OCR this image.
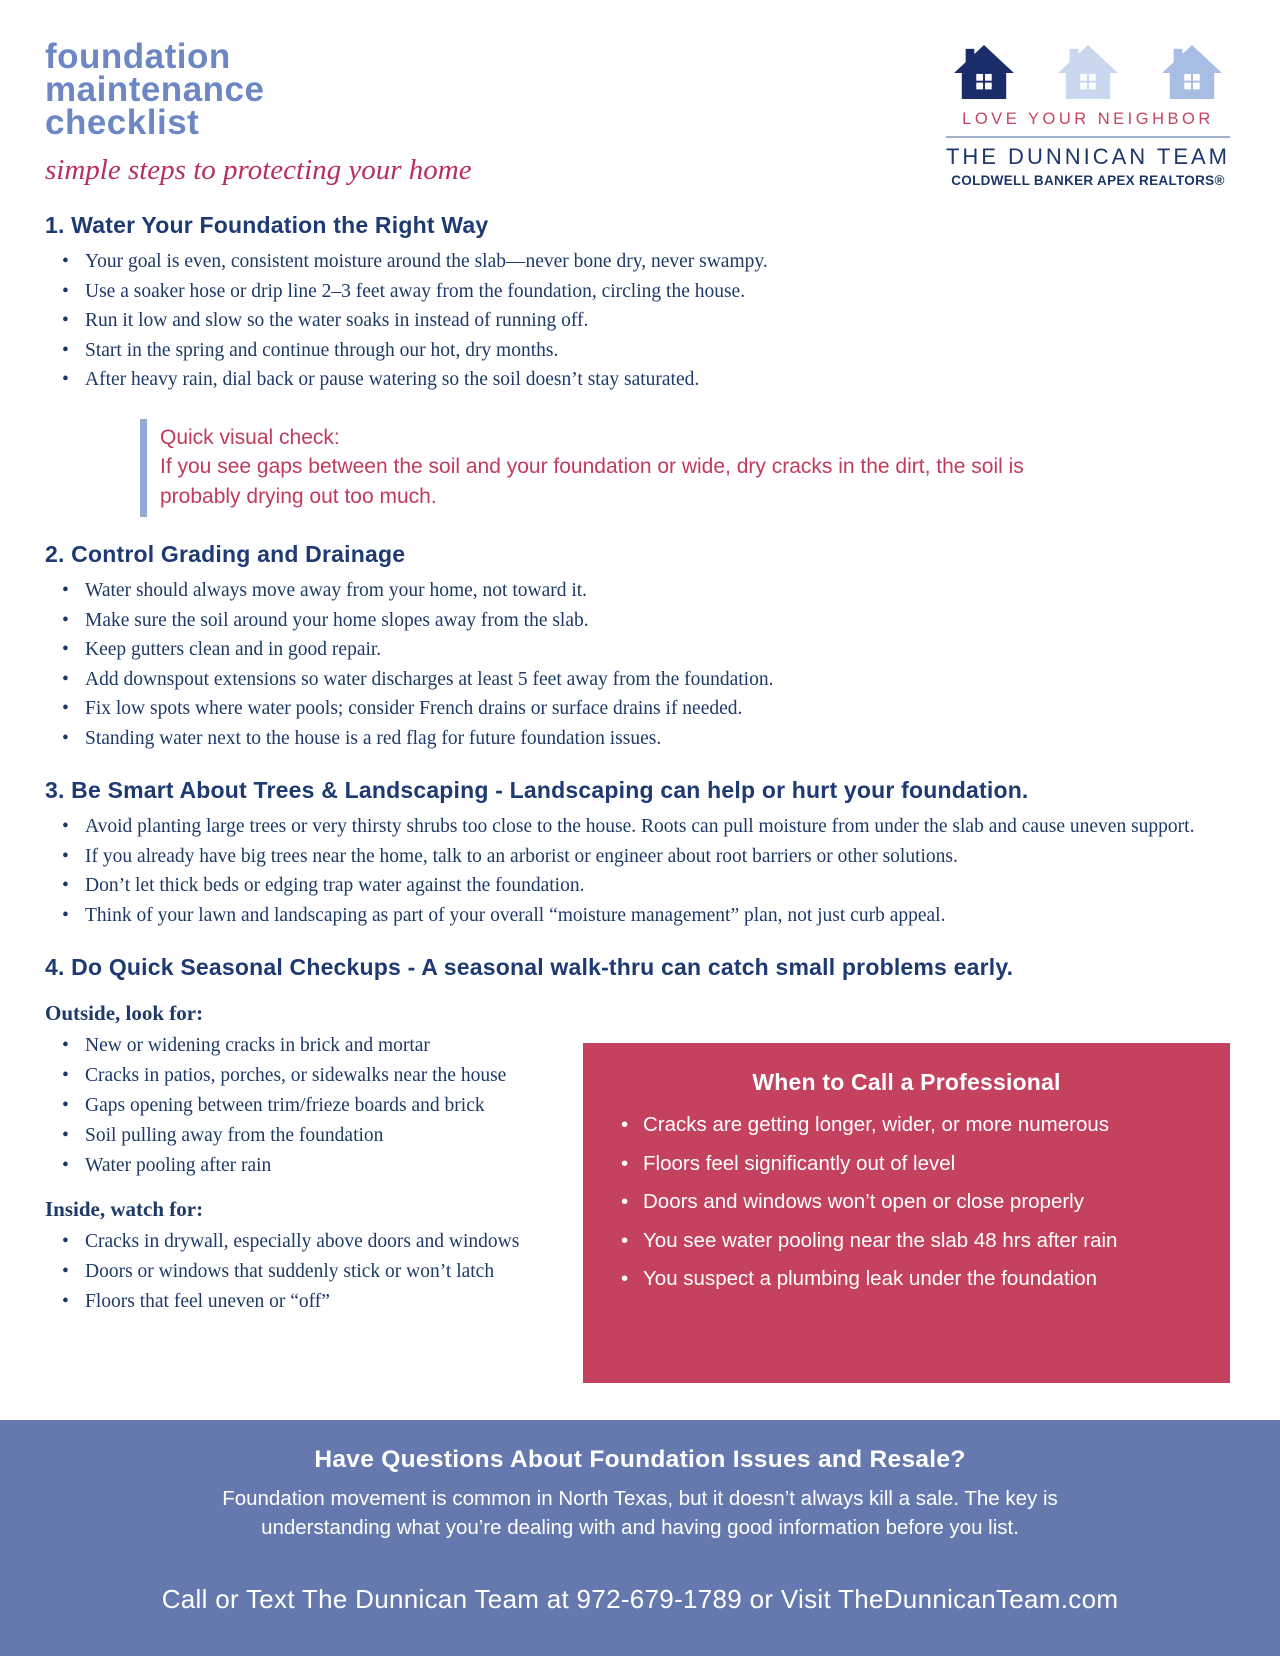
foundation
maintenance
checklist
simple steps to protecting your home
LOVE YOUR NEIGHBOR
THE DUNNICAN TEAM
COLDWELL BANKER APEX REALTORS®
1. Water Your Foundation the Right Way
• Your goal is even, consistent moisture around the slab—never bone dry, never swampy.
• Use a soaker hose or drip line 2–3 feet away from the foundation, circling the house.
• Run it low and slow so the water soaks in instead of running off.
• Start in the spring and continue through our hot, dry months.
• After heavy rain, dial back or pause watering so the soil doesn’t stay saturated.
Quick visual check:
If you see gaps between the soil and your foundation or wide, dry cracks in the dirt, the soil is probably drying out too much.
2. Control Grading and Drainage
• Water should always move away from your home, not toward it.
• Make sure the soil around your home slopes away from the slab.
• Keep gutters clean and in good repair.
• Add downspout extensions so water discharges at least 5 feet away from the foundation.
• Fix low spots where water pools; consider French drains or surface drains if needed.
• Standing water next to the house is a red flag for future foundation issues.
3. Be Smart About Trees & Landscaping - Landscaping can help or hurt your foundation.
• Avoid planting large trees or very thirsty shrubs too close to the house. Roots can pull moisture from under the slab and cause uneven support.
• If you already have big trees near the home, talk to an arborist or engineer about root barriers or other solutions.
• Don’t let thick beds or edging trap water against the foundation.
• Think of your lawn and landscaping as part of your overall “moisture management” plan, not just curb appeal.
4. Do Quick Seasonal Checkups - A seasonal walk-thru can catch small problems early.
Outside, look for:
• New or widening cracks in brick and mortar
• Cracks in patios, porches, or sidewalks near the house
• Gaps opening between trim/frieze boards and brick
• Soil pulling away from the foundation
• Water pooling after rain
Inside, watch for:
• Cracks in drywall, especially above doors and windows
• Doors or windows that suddenly stick or won’t latch
• Floors that feel uneven or “off”
When to Call a Professional
• Cracks are getting longer, wider, or more numerous
• Floors feel significantly out of level
• Doors and windows won’t open or close properly
• You see water pooling near the slab 48 hrs after rain
• You suspect a plumbing leak under the foundation
Have Questions About Foundation Issues and Resale?
Foundation movement is common in North Texas, but it doesn’t always kill a sale. The key is understanding what you’re dealing with and having good information before you list.
Call or Text The Dunnican Team at 972-679-1789 or Visit TheDunnicanTeam.com
